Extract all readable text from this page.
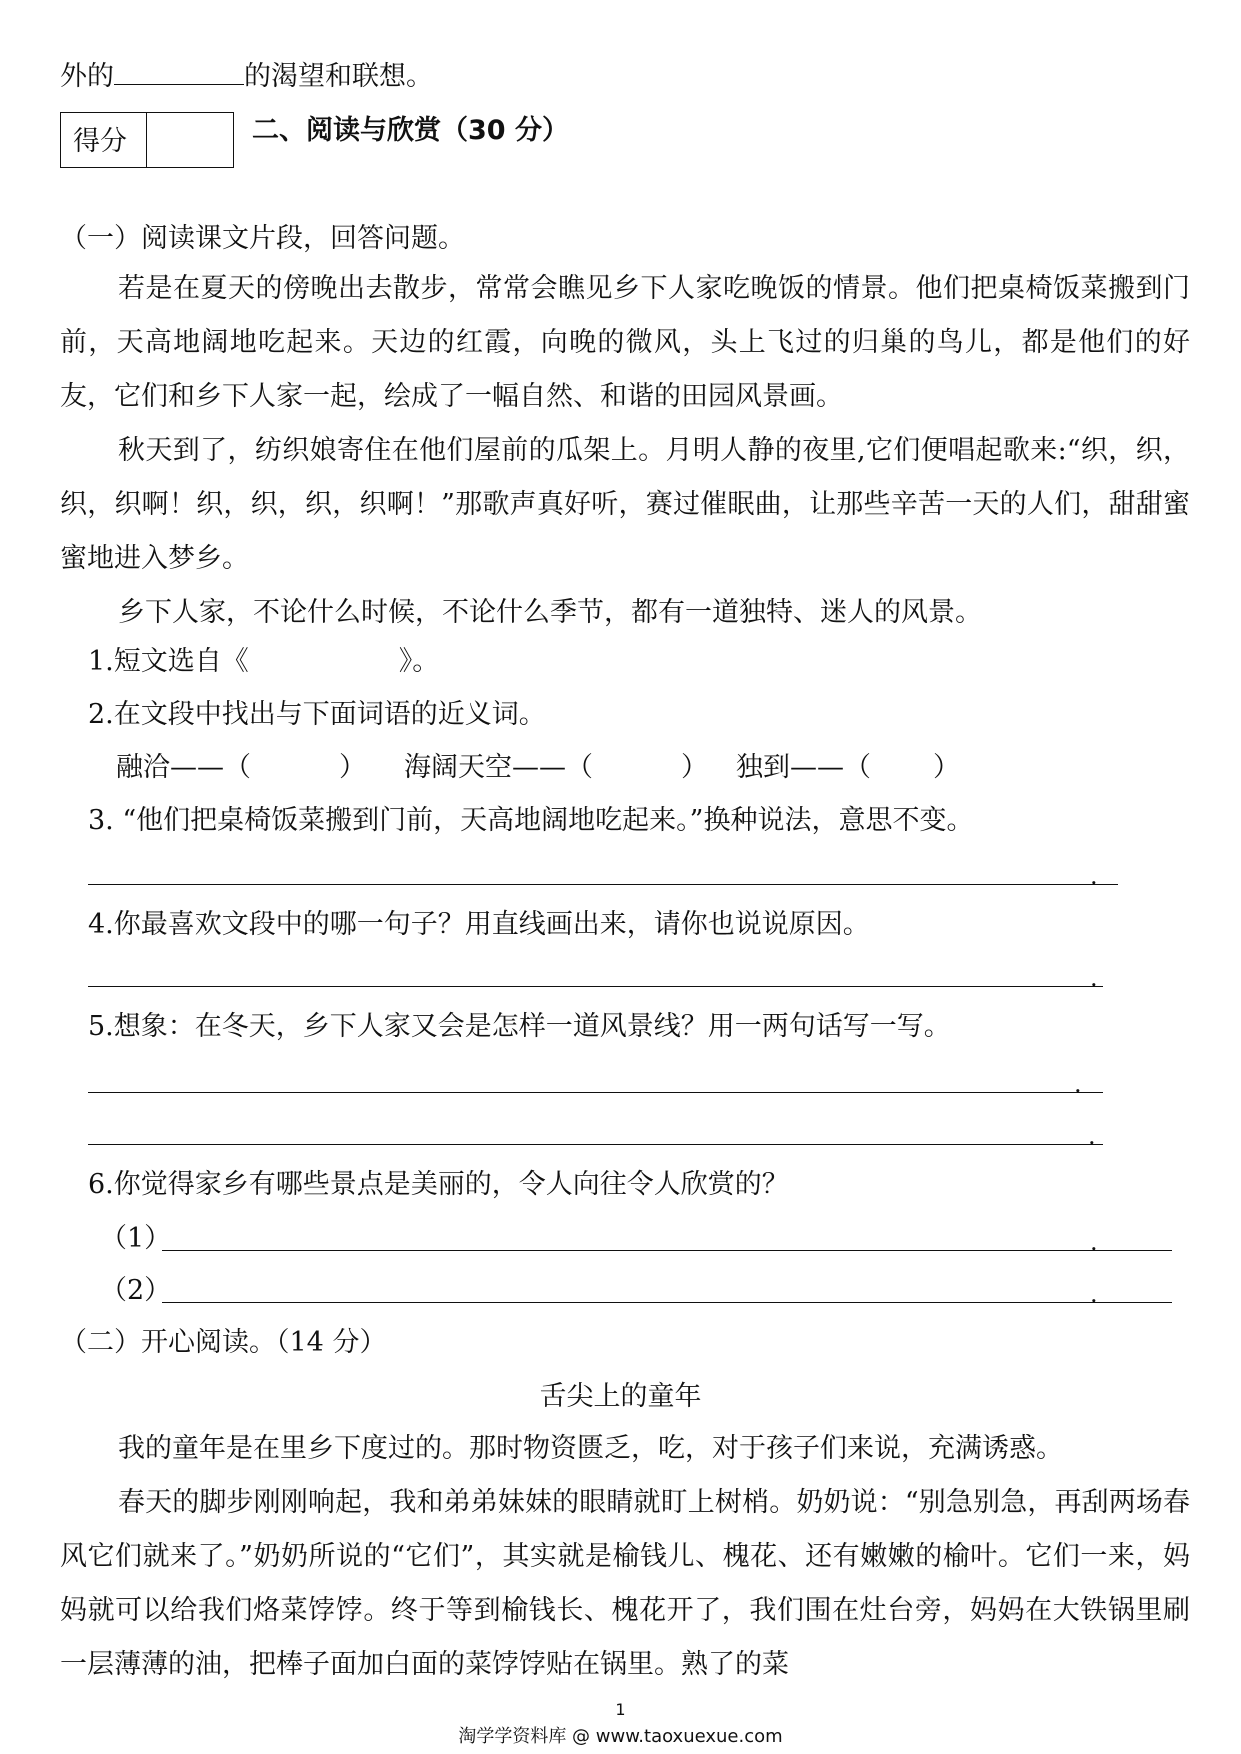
外的	的渴望和联想。
得分	二、阅读与欣赏（30 分）
（一）阅读课文片段，回答问题。
若是在夏天的傍晚出去散步，常常会瞧见乡下人家吃晚饭的情景。他们把桌椅饭菜搬到门前，天高地阔地吃起来。天边的红霞，向晚的微风，头上飞过的归巢的鸟儿，都是他们的好友，它们和乡下人家一起，绘成了一幅自然、和谐的田园风景画。
秋天到了，纺织娘寄住在他们屋前的瓜架上。月明人静的夜里,它们便唱起歌来:“织，织，织，织啊！织，织，织，织啊！”那歌声真好听，赛过催眠曲，让那些辛苦一天的人们，甜甜蜜蜜地进入梦乡。
乡下人家，不论什么时候，不论什么季节，都有一道独特、迷人的风景。
1.短文选自《	》。
2.在文段中找出与下面词语的近义词。
融洽——（	） 海阔天空——（	） 独到——（ ）
3. “他们把桌椅饭菜搬到门前，天高地阔地吃起来。”换种说法，意思不变。
.
4.你最喜欢文段中的哪一句子？用直线画出来，请你也说说原因。
.
5.想象：在冬天，乡下人家又会是怎样一道风景线？用一两句话写一写。
.
.
6.你觉得家乡有哪些景点是美丽的，令人向往令人欣赏的？
（1）	.
（2）	.
（二）开心阅读。（14 分）
舌尖上的童年
我的童年是在里乡下度过的。那时物资匮乏，吃，对于孩子们来说，充满诱惑。
春天的脚步刚刚响起，我和弟弟妹妹的眼睛就盯上树梢。奶奶说：“别急别急，再刮两场春风它们就来了。”奶奶所说的“它们”，其实就是榆钱儿、槐花、还有嫩嫩的榆叶。它们一来，妈妈就可以给我们烙菜饽饽。终于等到榆钱长、槐花开了，我们围在灶台旁，妈妈在大铁锅里刷一层薄薄的油，把棒子面加白面的菜饽饽贴在锅里。熟了的菜
1
淘学学资料库 @ www.taoxuexue.com
